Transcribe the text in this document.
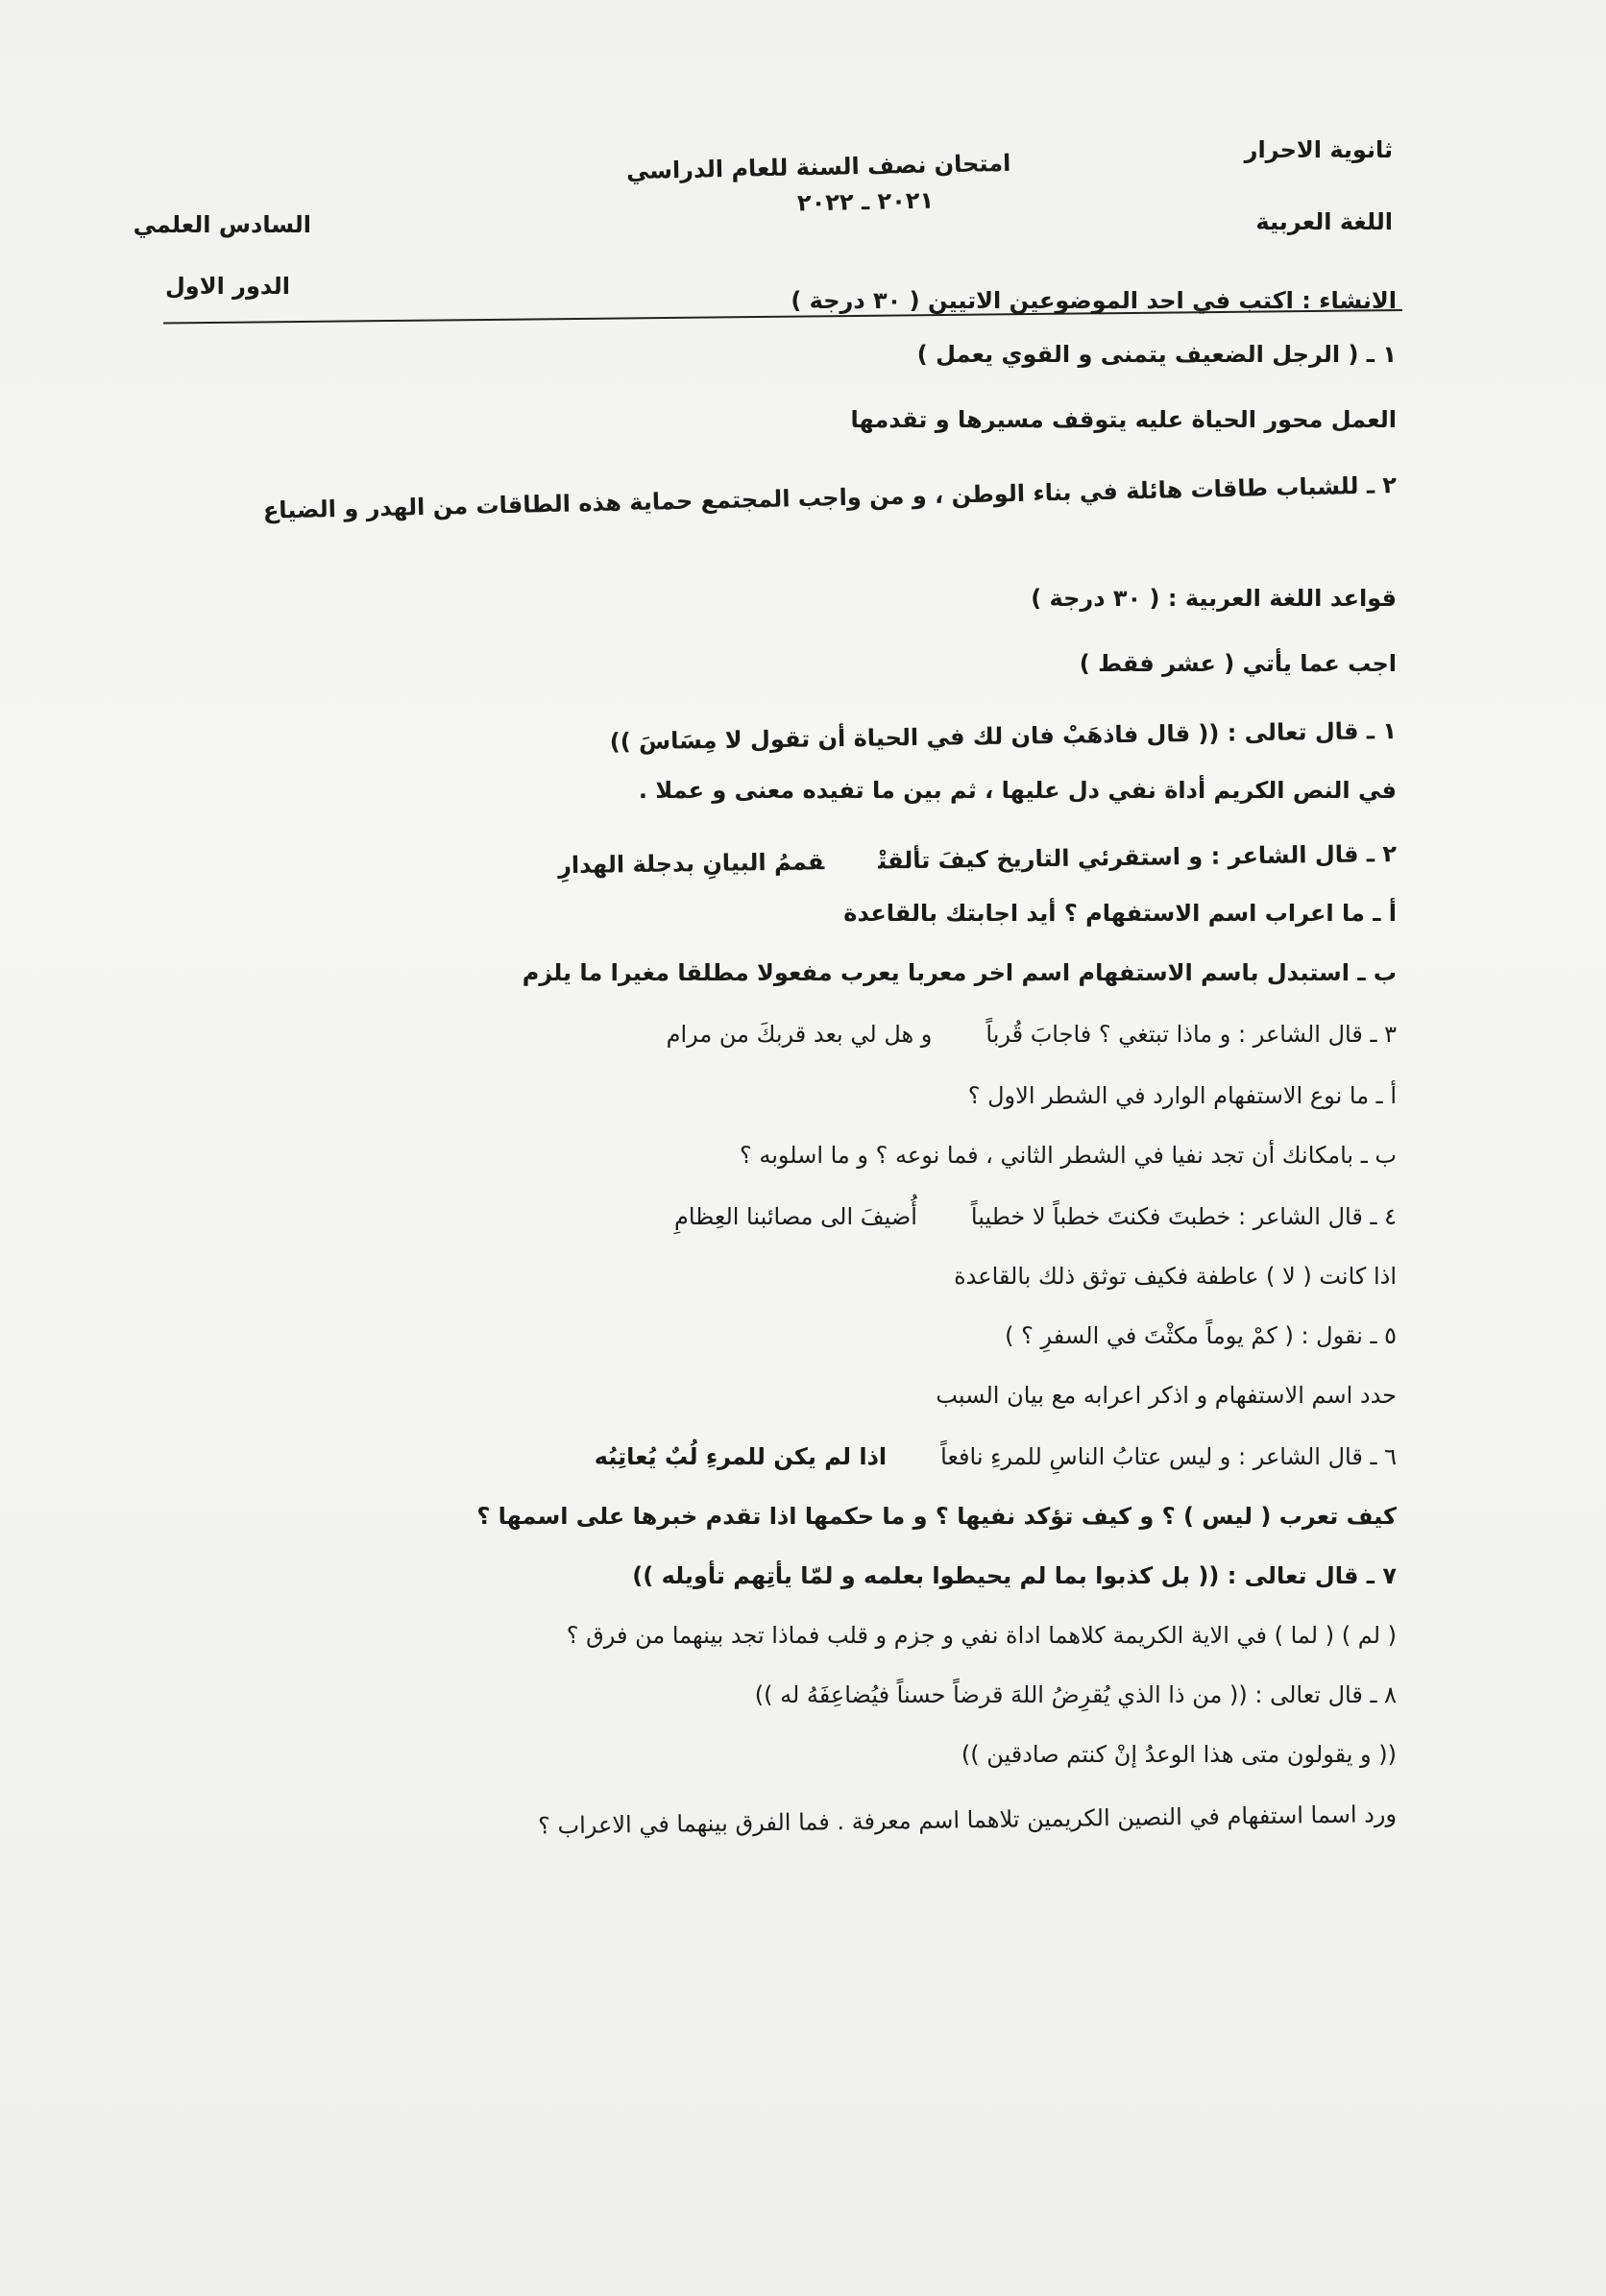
ثانوية الاحرار
اللغة العربية
امتحان نصف السنة للعام الدراسي
٢٠٢١ ـ ٢٠٢٢
السادس العلمي
الدور الاول

الانشاء : اكتب في احد الموضوعين الاتيين ( ٣٠ درجة )

١ ـ ( الرجل الضعيف يتمنى و القوي يعمل )

العمل محور الحياة عليه يتوقف مسيرها و تقدمها

٢ ـ للشباب طاقات هائلة في بناء الوطن ، و من واجب المجتمع حماية هذه الطاقات من الهدر و الضياع

قواعد اللغة العربية : ( ٣٠ درجة )

اجب عما يأتي ( عشر فقط )

١ ـ قال تعالى : (( قال فاذهَبْ فان لك في الحياة أن تقول لا مِسَاسَ ))

في النص الكريم أداة نفي دل عليها ، ثم بين ما تفيده معنى و عملا .

٢ ـ قال الشاعر : و استقرئي التاريخ كيفَ تألقتْقممُ البيانِ بدجلة الهدارِ

أ ـ ما اعراب اسم الاستفهام ؟ أيد اجابتك بالقاعدة

ب ـ استبدل باسم الاستفهام اسم اخر معربا يعرب مفعولا مطلقا مغيرا ما يلزم

٣ ـ قال الشاعر : و ماذا تبتغي ؟ فاجابَ قُرباًو هل لي بعد قربكَ من مرام

أ ـ ما نوع الاستفهام الوارد في الشطر الاول ؟

ب ـ بامكانك أن تجد نفيا في الشطر الثاني ، فما نوعه ؟ و ما اسلوبه ؟

٤ ـ قال الشاعر : خطبتَ فكنتَ خطباً لا خطيباًأُضيفَ الى مصائبنا العِظامِ

اذا كانت ( لا ) عاطفة فكيف توثق ذلك بالقاعدة

٥ ـ نقول : ( كمْ يوماً مكثْتَ في السفرِ ؟ )

حدد اسم الاستفهام و اذكر اعرابه مع بيان السبب

٦ ـ قال الشاعر : و ليس عتابُ الناسِ للمرءِ نافعاًاذا لم يكن للمرءِ لُبٌ يُعاتِبُه

كيف تعرب ( ليس ) ؟ و كيف تؤكد نفيها ؟ و ما حكمها اذا تقدم خبرها على اسمها ؟

٧ ـ قال تعالى : (( بل كذبوا بما لم يحيطوا بعلمه و لمّا يأتِهم تأويله ))

( لم ) ( لما ) في الاية الكريمة كلاهما اداة نفي و جزم و قلب فماذا تجد بينهما من فرق ؟

٨ ـ قال تعالى : (( من ذا الذي يُقرِضُ اللهَ قرضاً حسناً فيُضاعِفَهُ له ))

(( و يقولون متى هذا الوعدُ إنْ كنتم صادقين ))

ورد اسما استفهام في النصين الكريمين تلاهما اسم معرفة . فما الفرق بينهما في الاعراب ؟
